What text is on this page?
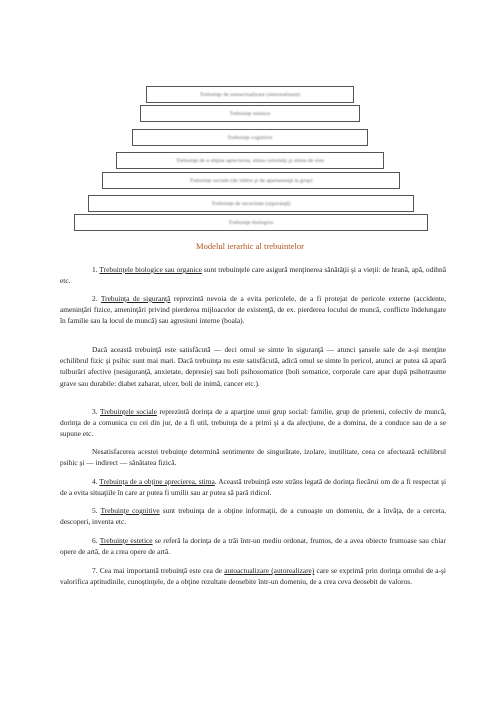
Trebuinţe de autoactualizare (autorealizare)
Trebuinţe estetice
Trebuinţe cognitive
Trebuinţe de a obţine aprecierea, stima celorlalţi şi stima de sine
Trebuinţe sociale (de iubire şi de apartenenţă la grup)
Trebuinţe de securitate (siguranţă)
Trebuinţe biologice
Modelul ierarhic al trebuintelor
1. Trebuinţele biologice sau organice sunt trebuinţele care asigură menţinerea sănătăţii şi a vieţii: de hrană, apă, odihnă etc.
2. Trebuinţa de siguranţă reprezintă nevoia de a evita pericolele, de a fi protejat de pericole externe (accidente, ameninţări fizice, ameninţări privind pierderea mijloacelor de existenţă, de ex. pierderea locului de muncă, conflicte îndelungate în familie sau la locul de muncă) sau agresiuni interne (boala).
Dacă această trebuinţă este satisfăcută — deci omul se simte în siguranţă — atunci şansele sale de a-şi menţine echilibrul fizic şi psihic sunt mai mari. Dacă trebuinţa nu este satisfăcută, adică omul se simte în pericol, atunci ar putea să apară tulburări afective (nesiguranţă, anxietate, depresie) sau boli psihosomatice (boli somatice, corporale care apar după psihotraume grave sau durabile: diabet zaharat, ulcer, boli de inimă, cancer etc.).
3. Trebuinţele sociale reprezintă dorinţa de a aparţine unui grup social: familie, grup de prieteni, colectiv de muncă, dorinţa de a comunica cu cei din jur, de a fi util, trebuinţa de a primi şi a da afecţiune, de a domina, de a conduce sau de a se supune etc.
Nesatisfacerea acestei trebuinţe determină sentimente de singurătate, izolare, inutilitate, ceea ce afectează echilibrul psihic şi — indirect — sănătatea fizică.
4. Trebuinţa de a obţine aprecierea, stima. Această trebuinţă este strâns legată de dorinţa fiecărui om de a fi respectat şi de a evita situaţiile în care ar putea fi umilit sau ar putea să pară ridicol.
5. Trebuinţe cognitive sunt trebuinţa de a obţine informaţii, de a cunoaşte un domeniu, de a învăţa, de a cerceta, descoperi, inventa etc.
6. Trebuinţe estetice se referă la dorinţa de a trăi într-un mediu ordonat, frumos, de a avea obiecte frumoase sau chiar opere de artă, de a crea opere de artă.
7. Cea mai importantă trebuinţă este cea de autoactualizare (autorealizare) care se exprimă prin dorinţa omului de a-şi valorifica aptitudinile, cunoştinţele, de a obţine rezultate deosebite într-un domeniu, de a crea ceva deosebit de valoros.
